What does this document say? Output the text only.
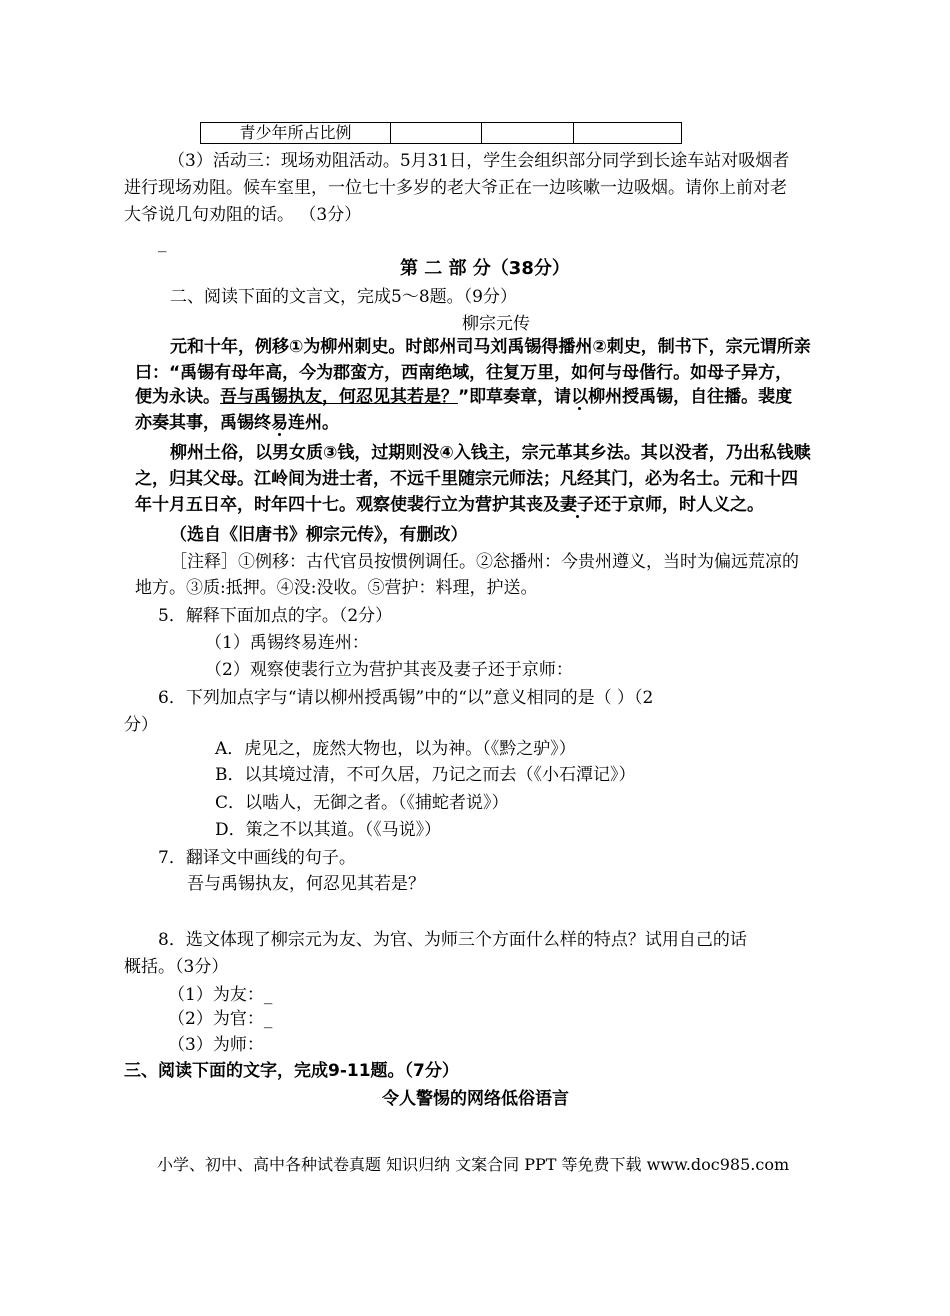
青少年所占比例			
（3）活动三：现场劝阻活动。5月31日，学生会组织部分同学到长途车站对吸烟者
进行现场劝阻。候车室里，一位七十多岁的老大爷正在一边咳嗽一边吸烟。请你上前对老
大爷说几句劝阻的话。 （3分）
_
第 二 部 分（38分）
二、阅读下面的文言文，完成5～8题。（9分）
柳宗元传
元和十年，例移①为柳州刺史。时郎州司马刘禹锡得播州②刺史，制书下，宗元谓所亲
曰：“禹锡有母年高，今为郡蛮方，西南绝域，往复万里，如何与母偕行。如母子异方，
便为永诀。吾与禹锡执友，何忍见其若是？”即草奏章，请以柳州授禹锡，自往播。裴度
亦奏其事，禹锡终易连州。
柳州土俗，以男女质③钱，过期则没④入钱主，宗元革其乡法。其以没者，乃出私钱赎
之，归其父母。江岭间为进士者，不远千里随宗元师法；凡经其门，必为名士。元和十四
年十月五日卒，时年四十七。观察使裴行立为营护其丧及妻子还于京师，时人义之。
（选自《旧唐书》柳宗元传》，有删改）
［注释］①例移：古代官员按惯例调任。②忩播州：今贵州遵义，当时为偏远荒凉的
地方。③质:抵押。④没:没收。⑤营护：料理，护送。
5．解释下面加点的字。（2分）
（1）禹锡终易连州：
（2）观察使裴行立为营护其丧及妻子还于京师：
6．下列加点字与“请以柳州授禹锡”中的“以”意义相同的是（ ）（2
分）
A．虎见之，庞然大物也，以为神。（《黔之驴》）
B．以其境过清，不可久居，乃记之而去（《小石潭记》）
C．以啮人，无御之者。（《捕蛇者说》）
D．策之不以其道。（《马说》）
7．翻译文中画线的句子。
吾与禹锡执友，何忍见其若是？
8．选文体现了柳宗元为友、为官、为师三个方面什么样的特点？试用自己的话
概括。（3分）
（1）为友：_
（2）为官：_
（3）为师：
三、阅读下面的文字，完成9-11题。（7分）
令人警惕的网络低俗语言
小学、初中、高中各种试卷真题 知识归纳 文案合同 PPT 等免费下载 www.doc985.com
